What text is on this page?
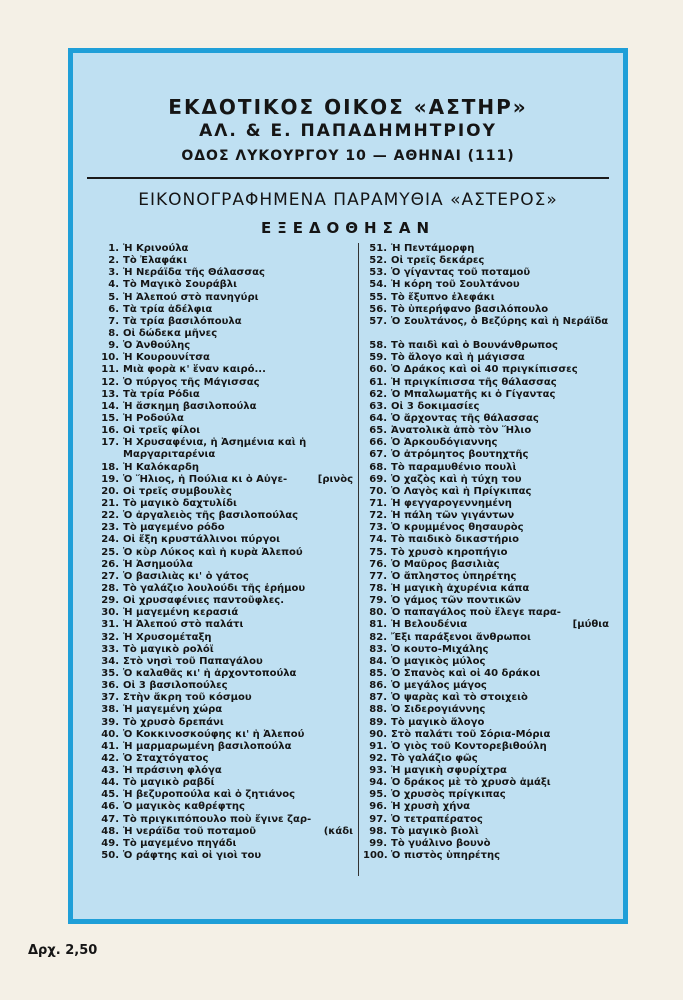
ΕΚΔΟΤΙΚΟΣ ΟΙΚΟΣ «ΑΣΤΗΡ»
ΑΛ. & Ε. ΠΑΠΑΔΗΜΗΤΡΙΟΥ
ΟΔΟΣ ΛΥΚΟΥΡΓΟΥ 10 — ΑΘΗΝΑΙ (111)
ΕΙΚΟΝΟΓΡΑΦΗΜΕΝΑ ΠΑΡΑΜΥΘΙΑ «ΑΣΤΕΡΟΣ»
ΕΞΕΔΟΘΗΣΑΝ
1. Ἡ Κρινούλα
2. Τὸ Ἐλαφάκι
3. Ἡ Νεράϊδα τῆς Θάλασσας
4. Τὸ Μαγικὸ Σουράβλι
5. Ἡ Ἀλεπού στὸ πανηγύρι
6. Τὰ τρία ἀδέλφια
7. Τὰ τρία βασιλόπουλα
8. Οἱ δώδεκα μῆνες
9. Ὁ Ἀνθούλης
10. Ἡ Κουρουνίτσα
11. Μιὰ φορὰ κ' ἕναν καιρό...
12. Ὁ πύργος τῆς Μάγισσας
13. Τὰ τρία Ρόδια
14. Ἡ ἄσκημη βασιλοπούλα
15. Ἡ Ροδούλα
16. Οἱ τρεῖς φίλοι
17. Ἡ Χρυσαφένια, ἡ Ἀσημένια καὶ ἡ Μαργαριταρένια
18. Ἡ Καλόκαρδη
19. Ὁ Ἥλιος, ἡ Πούλια κι ὁ Αὐγε-	[ρινὸς
20. Οἱ τρεῖς συμβουλὲς
21. Τὸ μαγικὸ δαχτυλίδι
22. Ὁ ἀργαλειὸς τῆς βασιλοπούλας
23. Τὸ μαγεμένο ρόδο
24. Οἱ ἔξη κρυστάλλινοι πύργοι
25. Ὁ κὺρ Λύκος καὶ ἡ κυρὰ Ἀλεπού
26. Ἡ Ἀσημούλα
27. Ὁ βασιλιὰς κι' ὁ γάτος
28. Τὸ γαλάζιο λουλούδι τῆς ἐρήμου
29. Οἱ χρυσαφένιες παντοῦφλες.
30. Ἡ μαγεμένη κερασιά
31. Ἡ Ἀλεπού στὸ παλάτι
32. Ἡ Χρυσομέταξη
33. Τὸ μαγικὸ ρολόϊ
34. Στὸ νησὶ τοῦ Παπαγάλου
35. Ὁ καλαθᾶς κι' ἡ ἀρχοντοπούλα
36. Οἱ 3 βασιλοπούλες
37. Στὴν ἄκρη τοῦ κόσμου
38. Ἡ μαγεμένη χώρα
39. Τὸ χρυσὸ δρεπάνι
40. Ὁ Κοκκινοσκούφης κι' ἡ Ἀλεπού
41. Ἡ μαρμαρωμένη βασιλοπούλα
42. Ὁ Σταχτόγατος
43. Ἡ πράσινη φλόγα
44. Τὸ μαγικὸ ραβδί
45. Ἡ βεζυροπούλα καὶ ὁ ζητιάνος
46. Ὁ μαγικὸς καθρέφτης
47. Τὸ πριγκιπόπουλο ποὺ ἔγινε ζαρ-
48. Ἡ νεράϊδα τοῦ ποταμοῦ	(κάδι
49. Τὸ μαγεμένο πηγάδι
50. Ὁ ράφτης καὶ οἱ γιοὶ του
51. Ἡ Πεντάμορφη
52. Οἱ τρεῖς δεκάρες
53. Ὁ γίγαντας τοῦ ποταμοῦ
54. Ἡ κόρη τοῦ Σουλτάνου
55. Τὸ ἔξυπνο ἐλεφάκι
56. Τὸ ὑπερήφανο βασιλόπουλο
57. Ὁ Σουλτάνος, ὁ Βεζύρης καὶ ἡ Νεράϊδα
58. Τὸ παιδὶ καὶ ὁ Βουνάνθρωπος
59. Τὸ ἄλογο καὶ ἡ μάγισσα
60. Ὁ Δράκος καὶ οἱ 40 πριγκίπισσες
61. Ἡ πριγκίπισσα τῆς θάλασσας
62. Ὁ Μπαλωματῆς κι ὁ Γίγαντας
63. Οἱ 3 δοκιμασίες
64. Ὁ ἄρχοντας τῆς θάλασσας
65. Ἀνατολικὰ ἀπὸ τὸν Ἥλιο
66. Ὁ Ἀρκουδόγιαννης
67. Ὁ ἀτρόμητος βουτηχτῆς
68. Τὸ παραμυθένιο πουλὶ
69. Ὁ χαζὸς καὶ ἡ τύχη του
70. Ὁ Λαγὸς καὶ ἡ Πρίγκιπας
71. Ἡ φεγγαρογεννημένη
72. Ἡ πάλη τῶν γιγάντων
73. Ὁ κρυμμένος θησαυρὸς
74. Τὸ παιδικὸ δικαστήριο
75. Τὸ χρυσὸ κηροπήγιο
76. Ὁ Μαῦρος βασιλιὰς
77. Ὁ ἄπληστος ὑπηρέτης
78. Ἡ μαγικὴ ἀχυρένια κάπα
79. Ὁ γάμος τῶν ποντικῶν
80. Ὁ παπαγάλος ποὺ ἔλεγε παρα-
81. Ἡ Βελουδένια	[μύθια
82. Ἔξι παράξενοι ἄνθρωποι
83. Ὁ κουτο-Μιχάλης
84. Ὁ μαγικὸς μύλος
85. Ὁ Σπανὸς καὶ οἱ 40 δράκοι
86. Ὁ μεγάλος μάγος
87. Ὁ ψαρὰς καὶ τὸ στοιχειὸ
88. Ὁ Σιδερογιάννης
89. Τὸ μαγικὸ ἄλογο
90. Στὸ παλάτι τοῦ Σόρια-Μόρια
91. Ὁ γιὸς τοῦ Κοντορεβιθούλη
92. Τὸ γαλάζιο φῶς
93. Ἡ μαγικὴ σφυρίχτρα
94. Ὁ δράκος μὲ τὸ χρυσὸ ἁμάξι
95. Ὁ χρυσὸς πρίγκιπας
96. Ἡ χρυσὴ χήνα
97. Ὁ τετραπέρατος
98. Τὸ μαγικὸ βιολὶ
99. Τὸ γυάλινο βουνὸ
100. Ὁ πιστὸς ὑπηρέτης
Δρχ. 2,50
